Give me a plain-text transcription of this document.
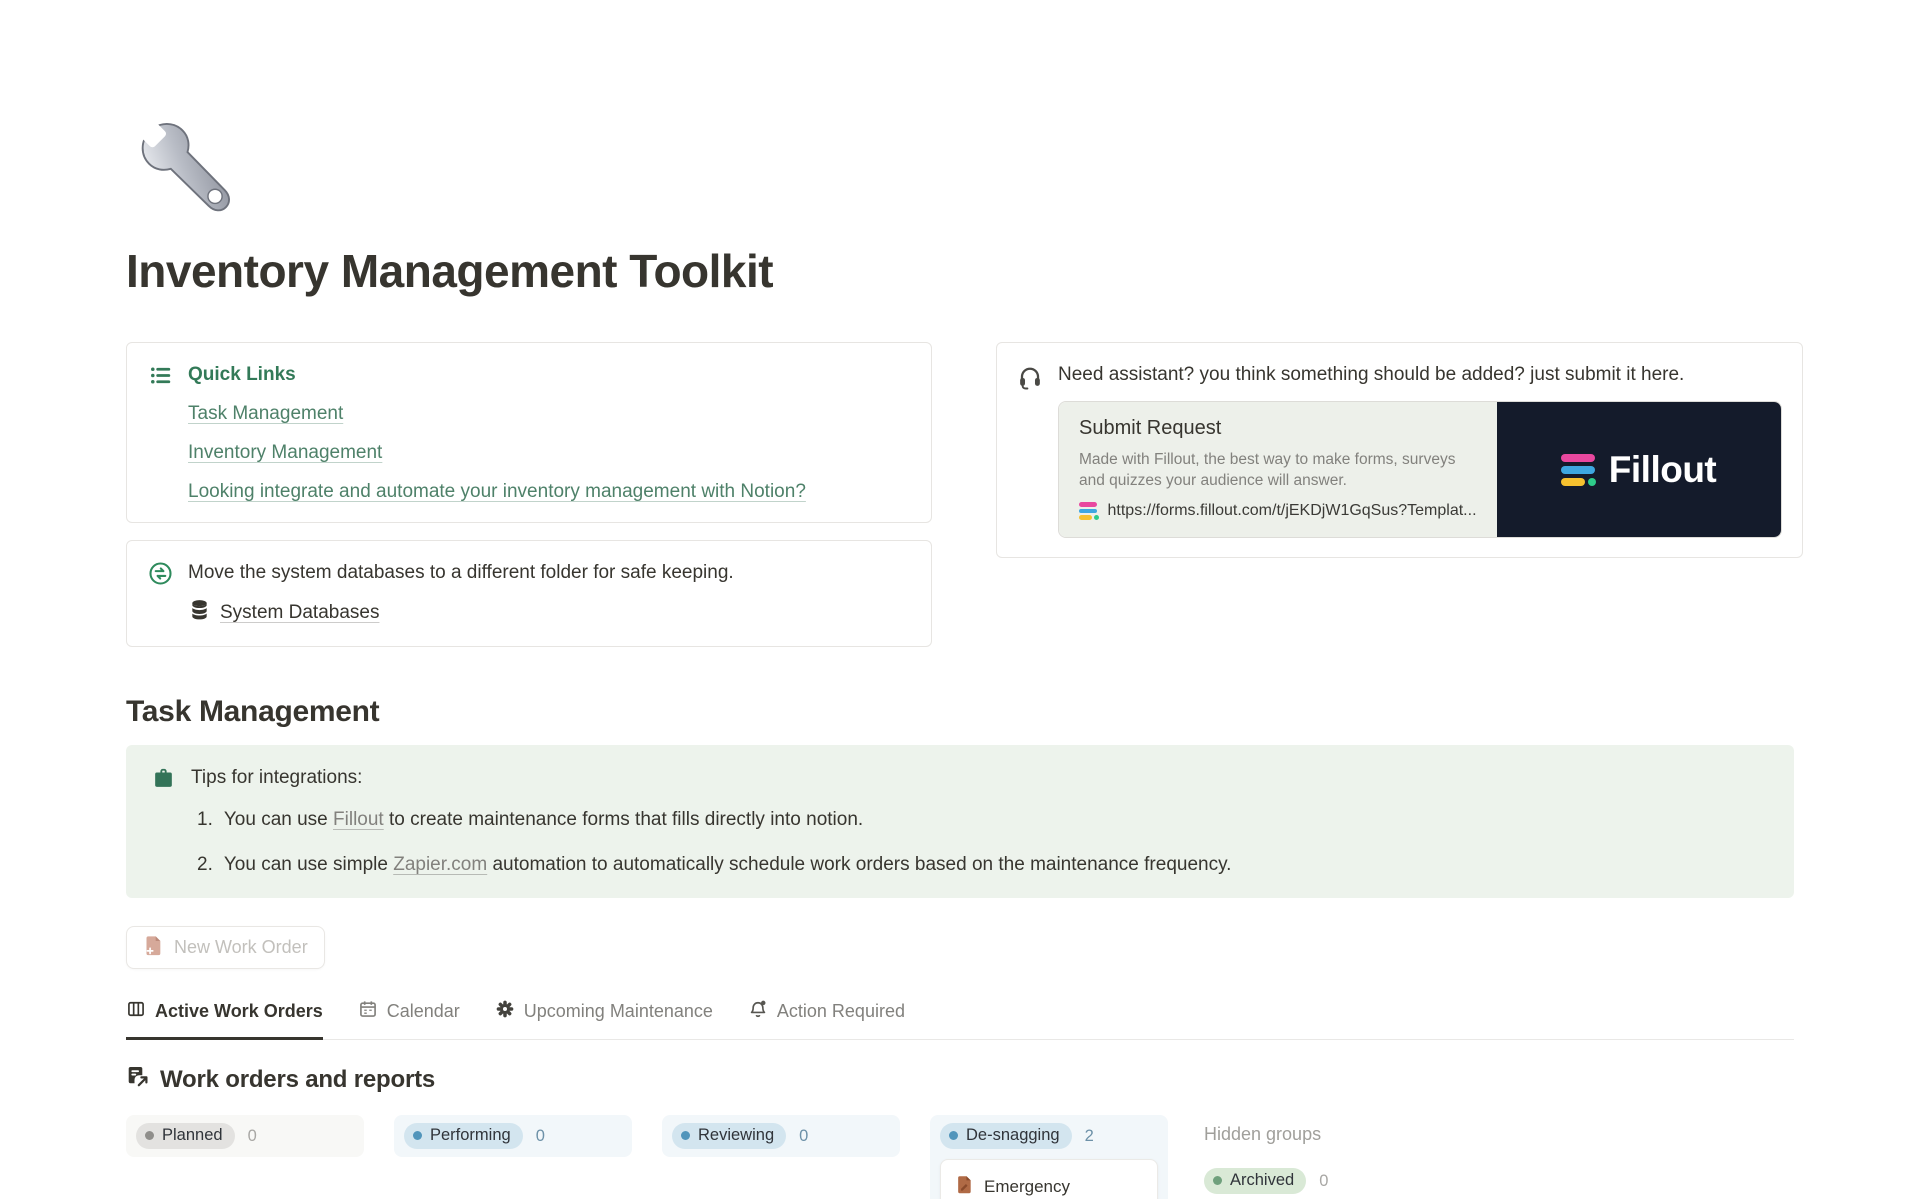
Inventory Management Toolkit
Quick Links
Task Management
Inventory Management
Looking integrate and automate your inventory management with Notion?
Move the system databases to a different folder for safe keeping.
System Databases
Need assistant? you think something should be added? just submit it here.
Submit Request
Made with Fillout, the best way to make forms, surveys and quizzes your audience will answer.
https://forms.fillout.com/t/jEKDjW1GqSus?Templat...
Fillout
Task Management
Tips for integrations:
1. You can use Fillout to create maintenance forms that fills directly into notion.
2. You can use simple Zapier.com automation to automatically schedule work orders based on the maintenance frequency.
New Work Order
Active Work Orders	Calendar	Upcoming Maintenance	Action Required
Work orders and reports
Planned 0	Performing 0	Reviewing 0	De-snagging 2
Emergency
Hidden groups
Archived 0
